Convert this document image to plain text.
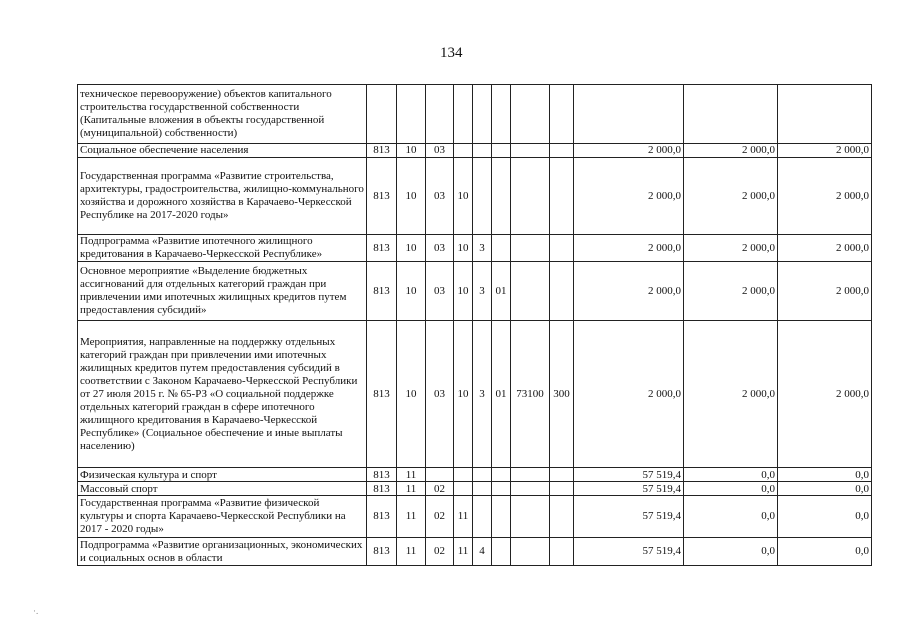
134
техническое перевооружение) объектов капитального строительства государственной собственности (Капитальные вложения в объекты государственной (муниципальной) собственности)											
Социальное обеспечение населения	813	10	03						2 000,0	2 000,0	2 000,0
Государственная программа «Развитие строительства, архитектуры, градостроительства, жилищно-коммунального хозяйства и дорожного хозяйства в Карачаево-Черкесской Республике на 2017-2020 годы»	813	10	03	10					2 000,0	2 000,0	2 000,0
Подпрограмма «Развитие ипотечного жилищного кредитования в Карачаево-Черкесской Республике»	813	10	03	10	3				2 000,0	2 000,0	2 000,0
Основное мероприятие «Выделение бюджетных ассигнований для отдельных категорий граждан при привлечении ими ипотечных жилищных кредитов путем предоставления субсидий»	813	10	03	10	3	01			2 000,0	2 000,0	2 000,0
Мероприятия, направленные на поддержку отдельных категорий граждан при привлечении ими ипотечных жилищных кредитов путем предоставления субсидий в соответствии с Законом Карачаево-Черкесской Республики от 27 июля 2015 г. № 65-РЗ «О социальной поддержке отдельных категорий граждан в сфере ипотечного жилищного кредитования в Карачаево-Черкесской Республике» (Социальное обеспечение и иные выплаты населению)	813	10	03	10	3	01	73100	300	2 000,0	2 000,0	2 000,0
Физическая культура и спорт	813	11							57 519,4	0,0	0,0
Массовый спорт	813	11	02						57 519,4	0,0	0,0
Государственная программа «Развитие физической культуры и спорта Карачаево-Черкесской Республики на 2017 - 2020 годы»	813	11	02	11					57 519,4	0,0	0,0
Подпрограмма «Развитие организационных, экономических и социальных основ в области	813	11	02	11	4				57 519,4	0,0	0,0
·.
